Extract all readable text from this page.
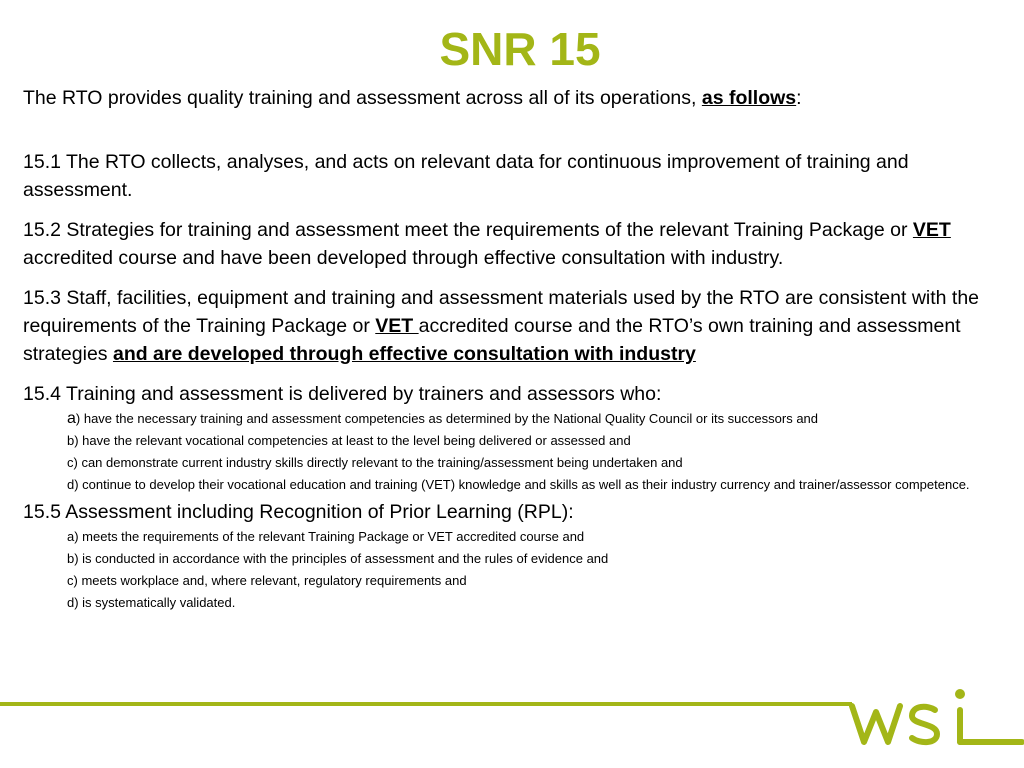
SNR 15

The RTO provides quality training and assessment across all of its operations, as follows:

15.1 The RTO collects, analyses, and acts on relevant data for continuous improvement of training and assessment.

15.2 Strategies for training and assessment meet the requirements of the relevant Training Package or VET accredited course and have been developed through effective consultation with industry.

15.3 Staff, facilities, equipment and training and assessment materials used by the RTO are consistent with the requirements of the Training Package or VET accredited course and the RTO’s own training and assessment strategies and are developed through effective consultation with industry

15.4 Training and assessment is delivered by trainers and assessors who:

a) have the necessary training and assessment competencies as determined by the National Quality Council or its successors and
b) have the relevant vocational competencies at least to the level being delivered or assessed and
c) can demonstrate current industry skills directly relevant to the training/assessment being undertaken and
d) continue to develop their vocational education and training (VET) knowledge and skills as well as their industry currency and trainer/assessor competence.

15.5 Assessment including Recognition of Prior Learning (RPL):

a) meets the requirements of the relevant Training Package or VET accredited course and
b) is conducted in accordance with the principles of assessment and the rules of evidence and
c) meets workplace and, where relevant, regulatory requirements and
d) is systematically validated.
